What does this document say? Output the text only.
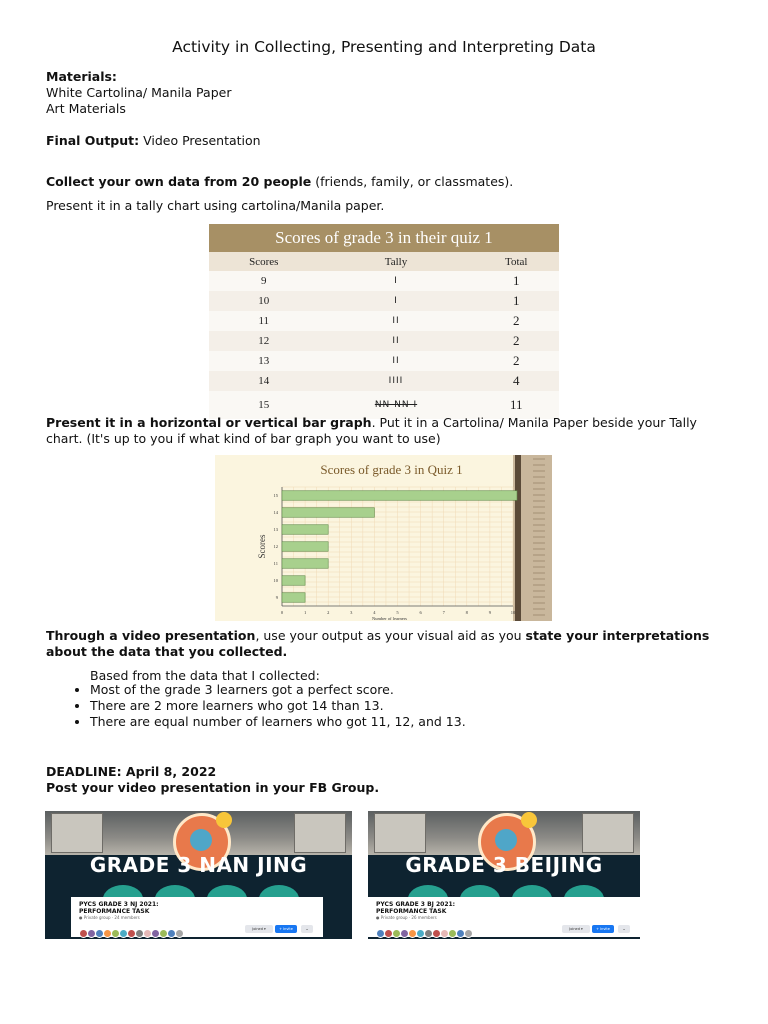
Activity in Collecting, Presenting and Interpreting Data
Materials:
White Cartolina/ Manila Paper
Art Materials
Final Output: Video Presentation
Collect your own data from 20 people (friends, family, or classmates).
Present it in a tally chart using cartolina/Manila paper.
Scores of grade 3 in their quiz 1		
Scores	Tally	Total
9	I	1
10	I	1
11	II	2
12	II	2
13	II	2
14	IIII	4
15	NN NN I	11
Present it in a horizontal or vertical bar graph. Put it in a Cartolina/ Manila Paper beside your Tally chart. (It's up to you if what kind of bar graph you want to use)
9
10
11
12
13
14
15
0	1	2	3	4	5	6	7	8	9	10
Scores of grade 3 in Quiz 1
Number of learners
Scores
Through a video presentation, use your output as your visual aid as you state your interpretations about the data that you collected.
Based from the data that I collected:
• Most of the grade 3 learners got a perfect score.
• There are 2 more learners who got 14 than 13.
• There are equal number of learners who got 11, 12, and 13.
DEADLINE: April 8, 2022
Post your video presentation in your FB Group.
GRADE 3 NAN JING
PYCS GRADE 3 NJ 2021:
PERFORMANCE TASK
● Private group · 24 members
Joined ▾	+ Invite	⌄
GRADE 3 BEIJING
PYCS GRADE 3 BJ 2021:
PERFORMANCE TASK
● Private group · 26 members
Joined ▾	+ Invite	⌄
